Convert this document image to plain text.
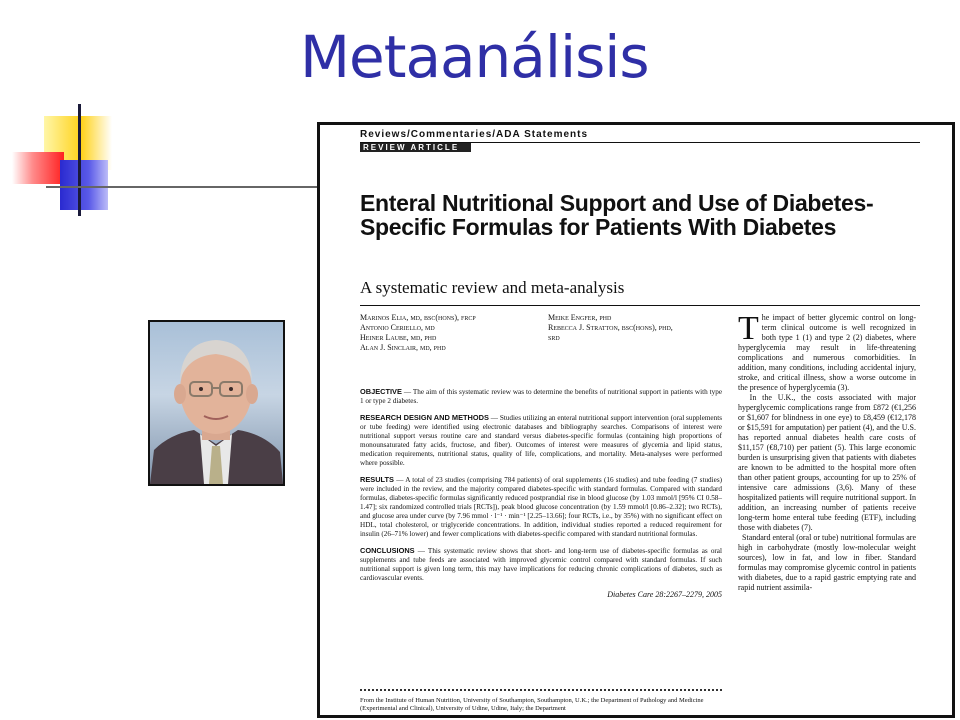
Metaanálisis
Reviews/Commentaries/ADA Statements
REVIEW ARTICLE
Enteral Nutritional Support and Use of Diabetes-Specific Formulas for Patients With Diabetes
A systematic review and meta-analysis
Marinos Elia, md, bsc(hons), frcp
Antonio Ceriello, md
Heiner Laube, md, phd
Alan J. Sinclair, md, phd
Meike Engfer, phd
Rebecca J. Stratton, bsc(hons), phd,
srd

OBJECTIVE — The aim of this systematic review was to determine the benefits of nutritional support in patients with type 1 or type 2 diabetes.

RESEARCH DESIGN AND METHODS — Studies utilizing an enteral nutritional support intervention (oral supplements or tube feeding) were identified using electronic databases and bibliography searches. Comparisons of interest were nutritional support versus routine care and standard versus diabetes-specific formulas (containing high proportions of monounsaturated fatty acids, fructose, and fiber). Outcomes of interest were measures of glycemia and lipid status, medication requirements, nutritional status, quality of life, complications, and mortality. Meta-analyses were performed where possible.

RESULTS — A total of 23 studies (comprising 784 patients) of oral supplements (16 studies) and tube feeding (7 studies) were included in the review, and the majority compared diabetes-specific with standard formulas. Compared with standard formulas, diabetes-specific formulas significantly reduced postprandial rise in blood glucose (by 1.03 mmol/l [95% CI 0.58–1.47]; six randomized controlled trials [RCTs]), peak blood glucose concentration (by 1.59 mmol/l [0.86–2.32]; two RCTs), and glucose area under curve (by 7.96 mmol · l⁻¹ · min⁻¹ [2.25–13.66]; four RCTs, i.e., by 35%) with no significant effect on HDL, total cholesterol, or triglyceride concentrations. In addition, individual studies reported a reduced requirement for insulin (26–71% lower) and fewer complications with diabetes-specific compared with standard nutritional formulas.

CONCLUSIONS — This systematic review shows that short- and long-term use of diabetes-specific formulas as oral supplements and tube feeds are associated with improved glycemic control compared with standard formulas. If such nutritional support is given long term, this may have implications for reducing chronic complications of diabetes, such as cardiovascular events.

Diabetes Care 28:2267–2279, 2005
From the Institute of Human Nutrition, University of Southampton, Southampton, U.K.; the Department of Pathology and Medicine (Experimental and Clinical), University of Udine, Udine, Italy; the Department

The impact of better glycemic control on long-term clinical outcome is well recognized in both type 1 (1) and type 2 (2) diabetes, where hyperglycemia may result in life-threatening complications and numerous comorbidities. In addition, many conditions, including accidental injury, stroke, and critical illness, show a worse outcome in the presence of hyperglycemia (3).

In the U.K., the costs associated with major hyperglycemic complications range from £872 (€1,256 or $1,607 for blindness in one eye) to £8,459 (€12,178 or $15,591 for amputation) per patient (4), and the U.S. has reported annual diabetes health care costs of $11,157 (€8,710) per patient (5). This large economic burden is unsurprising given that patients with diabetes are known to be admitted to the hospital more often than other patient groups, accounting for up to 25% of intensive care admissions (3,6). Many of these hospitalized patients will require nutritional support. In addition, an increasing number of patients receive long-term home enteral tube feeding (ETF), including those with diabetes (7).

Standard enteral (oral or tube) nutritional formulas are high in carbohydrate (mostly low-molecular weight sources), low in fat, and low in fiber. Standard formulas may compromise glycemic control in patients with diabetes, due to a rapid gastric emptying rate and rapid nutrient assimila-
